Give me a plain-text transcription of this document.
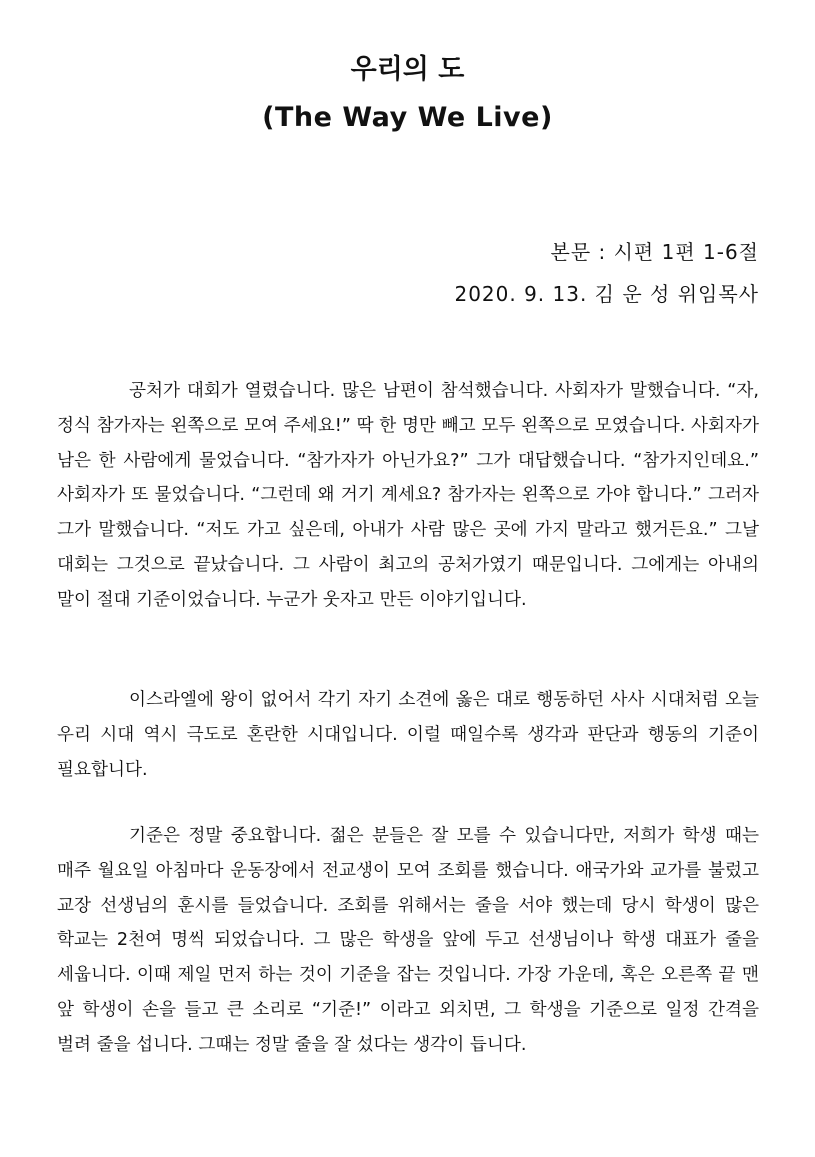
우리의 도
(The Way We Live)

본문 : 시편 1편 1-6절

2020. 9. 13. 김 운 성 위임목사

공처가 대회가 열렸습니다. 많은 남편이 참석했습니다. 사회자가 말했습니다. “자, 정식 참가자는 왼쪽으로 모여 주세요!” 딱 한 명만 빼고 모두 왼쪽으로 모였습니다. 사회자가 남은 한 사람에게 물었습니다. “참가자가 아닌가요?” 그가 대답했습니다. “참가지인데요.” 사회자가 또 물었습니다. “그런데 왜 거기 계세요? 참가자는 왼쪽으로 가야 합니다.” 그러자 그가 말했습니다. “저도 가고 싶은데, 아내가 사람 많은 곳에 가지 말라고 했거든요.” 그날 대회는 그것으로 끝났습니다. 그 사람이 최고의 공처가였기 때문입니다. 그에게는 아내의 말이 절대 기준이었습니다. 누군가 웃자고 만든 이야기입니다.

이스라엘에 왕이 없어서 각기 자기 소견에 옳은 대로 행동하던 사사 시대처럼 오늘 우리 시대 역시 극도로 혼란한 시대입니다. 이럴 때일수록 생각과 판단과 행동의 기준이 필요합니다.

기준은 정말 중요합니다. 젊은 분들은 잘 모를 수 있습니다만, 저희가 학생 때는 매주 월요일 아침마다 운동장에서 전교생이 모여 조회를 했습니다. 애국가와 교가를 불렀고 교장 선생님의 훈시를 들었습니다. 조회를 위해서는 줄을 서야 했는데 당시 학생이 많은 학교는 2천여 명씩 되었습니다. 그 많은 학생을 앞에 두고 선생님이나 학생 대표가 줄을 세웁니다. 이때 제일 먼저 하는 것이 기준을 잡는 것입니다. 가장 가운데, 혹은 오른쪽 끝 맨 앞 학생이 손을 들고 큰 소리로 “기준!” 이라고 외치면, 그 학생을 기준으로 일정 간격을 벌려 줄을 섭니다. 그때는 정말 줄을 잘 섰다는 생각이 듭니다.
